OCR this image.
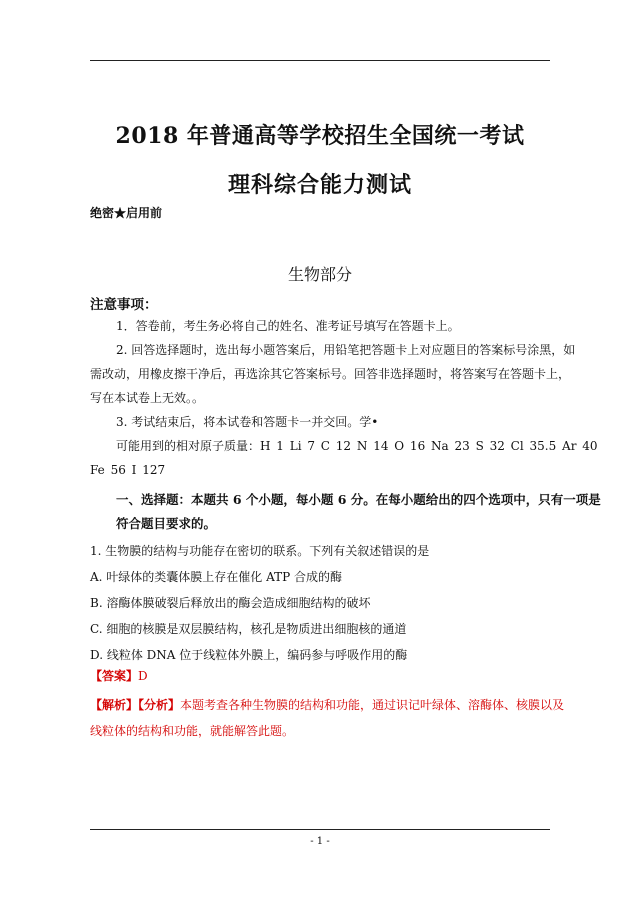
2018 年普通高等学校招生全国统一考试
理科综合能力测试
绝密★启用前
生物部分
注意事项：
1．答卷前，考生务必将自己的姓名、准考证号填写在答题卡上。
2. 回答选择题时，选出每小题答案后，用铅笔把答题卡上对应题目的答案标号涂黑，如
需改动，用橡皮擦干净后，再选涂其它答案标号。回答非选择题时，将答案写在答题卡上，
写在本试卷上无效。。
3. 考试结束后，将本试卷和答题卡一并交回。学•
可能用到的相对原子质量：H 1 Li 7 C 12 N 14 O 16 Na 23 S 32 Cl 35.5 Ar 40
Fe 56 I 127
一、选择题：本题共 6 个小题，每小题 6 分。在每小题给出的四个选项中，只有一项是
符合题目要求的。
1. 生物膜的结构与功能存在密切的联系。下列有关叙述错误的是
A. 叶绿体的类囊体膜上存在催化 ATP 合成的酶
B. 溶酶体膜破裂后释放出的酶会造成细胞结构的破坏
C. 细胞的核膜是双层膜结构，核孔是物质进出细胞核的通道
D. 线粒体 DNA 位于线粒体外膜上，编码参与呼吸作用的酶
【答案】D
【解析】【分析】本题考查各种生物膜的结构和功能，通过识记叶绿体、溶酶体、核膜以及
线粒体的结构和功能，就能解答此题。
- 1 -
